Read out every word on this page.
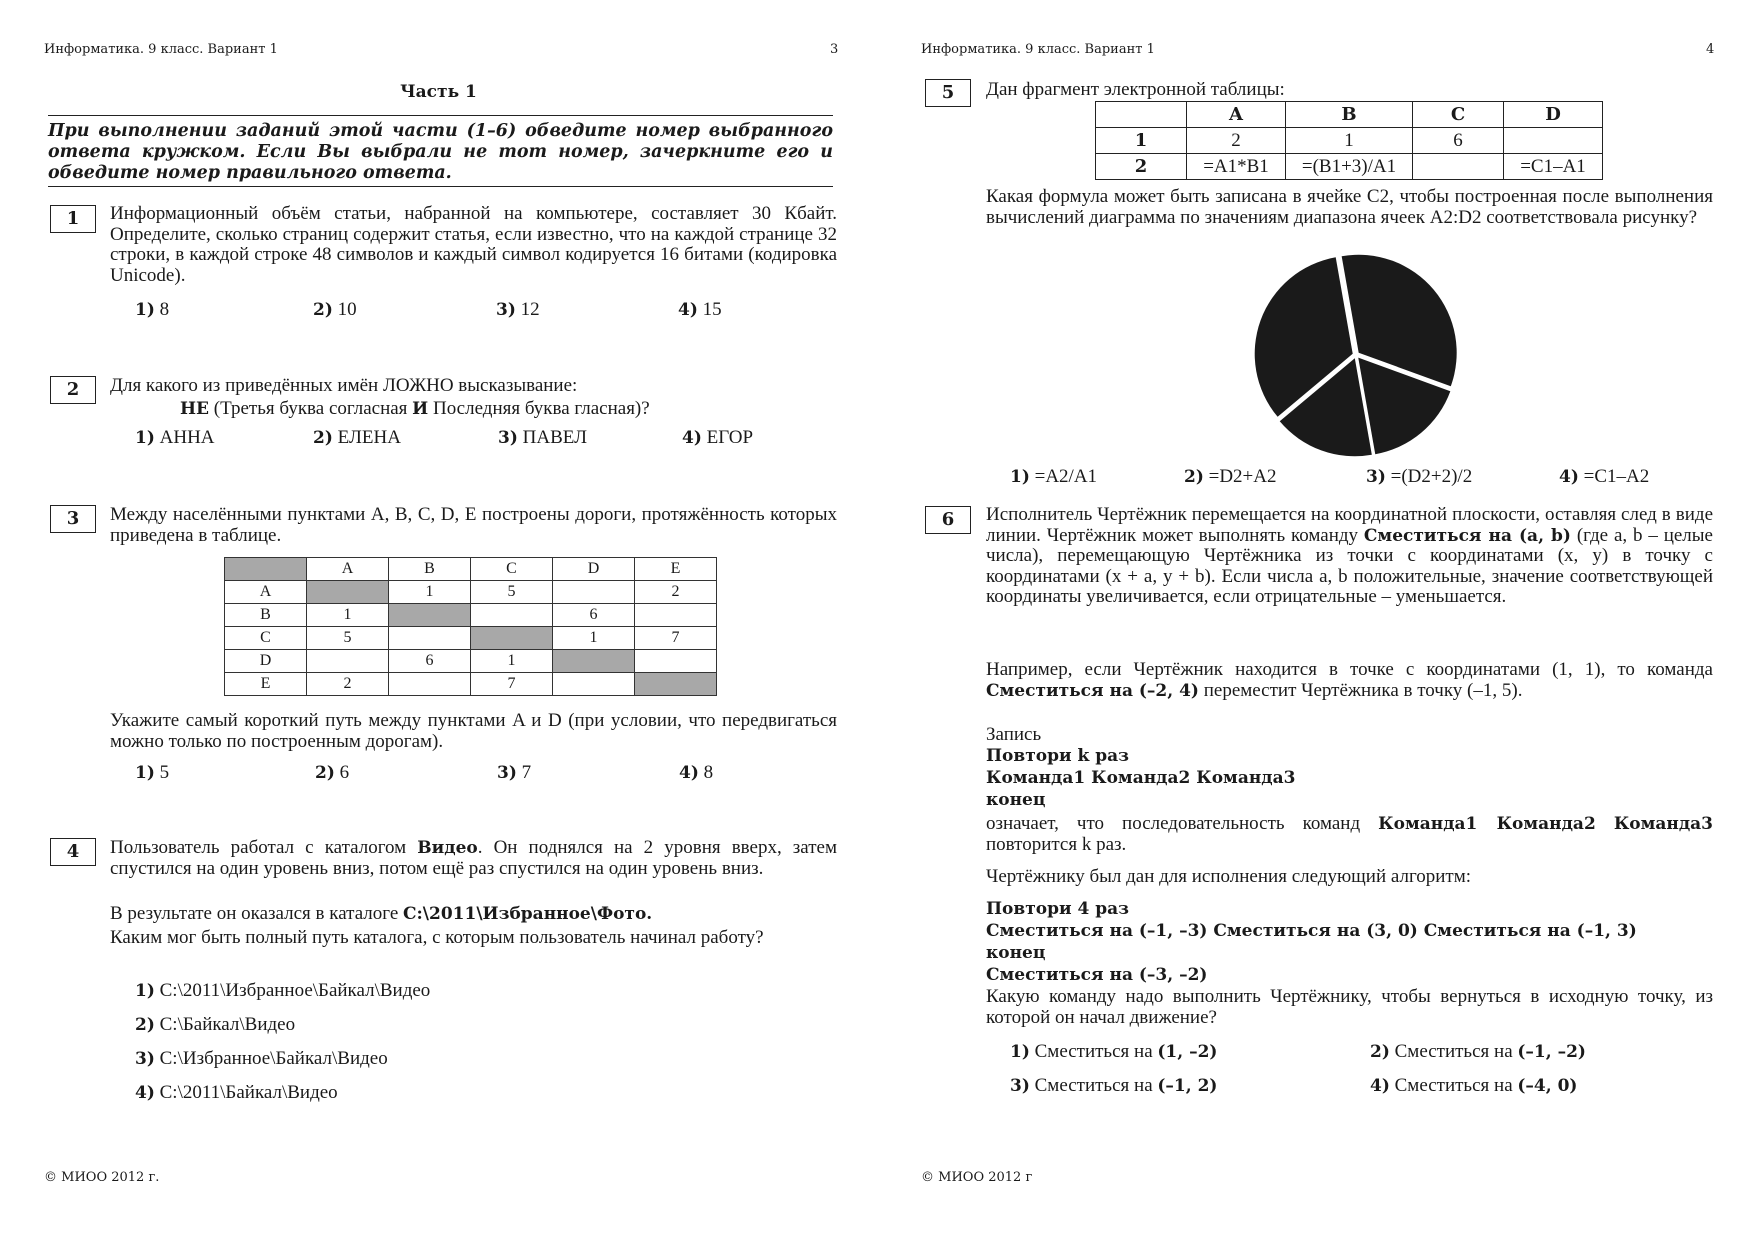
Информатика. 9 класс. Вариант 1	3
Часть 1
При выполнении заданий этой части (1–6) обведите номер выбранного ответа кружком. Если Вы выбрали не тот номер, зачеркните его и обведите номер правильного ответа.
1	Информационный объём статьи, набранной на компьютере, составляет 30 Кбайт. Определите, сколько страниц содержит статья, если известно, что на каждой странице 32 строки, в каждой строке 48 символов и каждый символ кодируется 16 битами (кодировка Unicode).
1) 8	2) 10	3) 12	4) 15
2	Для какого из приведённых имён ЛОЖНО высказывание:
НЕ (Третья буква согласная И Последняя буква гласная)?
1) АННА	2) ЕЛЕНА	3) ПАВЕЛ	4) ЕГОР
3	Между населёнными пунктами A, B, C, D, E построены дороги, протяжённость которых приведена в таблице.
	A	B	C	D	E
A		1	5		2
B	1			6	
C	5			1	7
D		6	1		
E	2		7		
Укажите самый короткий путь между пунктами A и D (при условии, что передвигаться можно только по построенным дорогам).
1) 5	2) 6	3) 7	4) 8
4	Пользователь работал с каталогом Видео. Он поднялся на 2 уровня вверх, затем спустился на один уровень вниз, потом ещё раз спустился на один уровень вниз.
В результате он оказался в каталоге С:\2011\Избранное\Фото.
Каким мог быть полный путь каталога, с которым пользователь начинал работу?
1) С:\2011\Избранное\Байкал\Видео
2) С:\Байкал\Видео
3) С:\Избранное\Байкал\Видео
4) С:\2011\Байкал\Видео
© МИОО 2012 г.
Информатика. 9 класс. Вариант 1	4
5	Дан фрагмент электронной таблицы:
	A	B	C	D
1	2	1	6	
2	=A1*B1	=(B1+3)/A1		=C1–A1
Какая формула может быть записана в ячейке C2, чтобы построенная после выполнения вычислений диаграмма по значениям диапазона ячеек A2:D2 соответствовала рисунку?
1) =A2/A1	2) =D2+A2	3) =(D2+2)/2	4) =C1–A2
6	Исполнитель Чертёжник перемещается на координатной плоскости, оставляя след в виде линии. Чертёжник может выполнять команду Сместиться на (a, b) (где a, b – целые числа), перемещающую Чертёжника из точки с координатами (x, y) в точку с координатами (x + a, y + b). Если числа a, b положительные, значение соответствующей координаты увеличивается, если отрицательные – уменьшается.
Например, если Чертёжник находится в точке с координатами (1, 1), то команда Сместиться на (–2, 4) переместит Чертёжника в точку (–1, 5).
Запись
Повтори k раз
Команда1 Команда2 Команда3
конец
означает, что последовательность команд Команда1 Команда2 Команда3 повторится k раз.
Чертёжнику был дан для исполнения следующий алгоритм:
Повтори 4 раз
Сместиться на (–1, –3) Сместиться на (3, 0) Сместиться на (–1, 3)
конец
Сместиться на (–3, –2)
Какую команду надо выполнить Чертёжнику, чтобы вернуться в исходную точку, из которой он начал движение?
1) Сместиться на (1, –2)	2) Сместиться на (–1, –2)
3) Сместиться на (–1, 2)	4) Сместиться на (–4, 0)
© МИОО 2012 г
